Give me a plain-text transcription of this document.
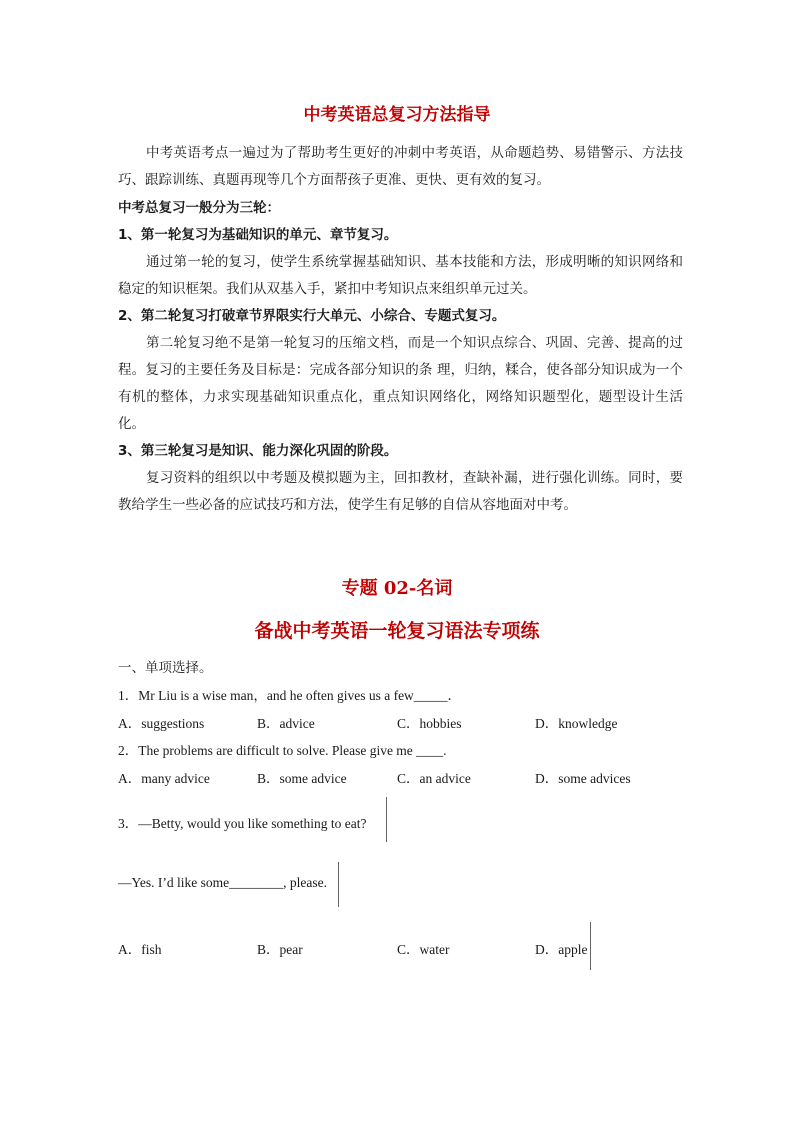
中考英语总复习方法指导
中考英语考点一遍过为了帮助考生更好的冲刺中考英语，从命题趋势、易错警示、方法技巧、跟踪训练、真题再现等几个方面帮孩子更准、更快、更有效的复习。
中考总复习一般分为三轮：
1、第一轮复习为基础知识的单元、章节复习。
通过第一轮的复习，使学生系统掌握基础知识、基本技能和方法，形成明晰的知识网络和稳定的知识框架。我们从双基入手，紧扣中考知识点来组织单元过关。
2、第二轮复习打破章节界限实行大单元、小综合、专题式复习。
第二轮复习绝不是第一轮复习的压缩文档，而是一个知识点综合、巩固、完善、提高的过程。复习的主要任务及目标是：完成各部分知识的条 理，归纳，糅合，使各部分知识成为一个有机的整体，力求实现基础知识重点化，重点知识网络化，网络知识题型化，题型设计生活化。
3、第三轮复习是知识、能力深化巩固的阶段。
复习资料的组织以中考题及模拟题为主，回扣教材，查缺补漏，进行强化训练。同时，要教给学生一些必备的应试技巧和方法，使学生有足够的自信从容地面对中考。
专题 02-名词
备战中考英语一轮复习语法专项练
一、单项选择。
1．Mr Liu is a wise man，and he often gives us a few_____．
A．suggestions	B．advice	C．hobbies	D．knowledge
2．The problems are difficult to solve. Please give me ____.
A．many advice	B．some advice	C．an advice	D．some advices
3．—Betty, would you like something to eat?
—Yes. I’d like some________, please.
A．fish	B．pear	C．water	D．apple
